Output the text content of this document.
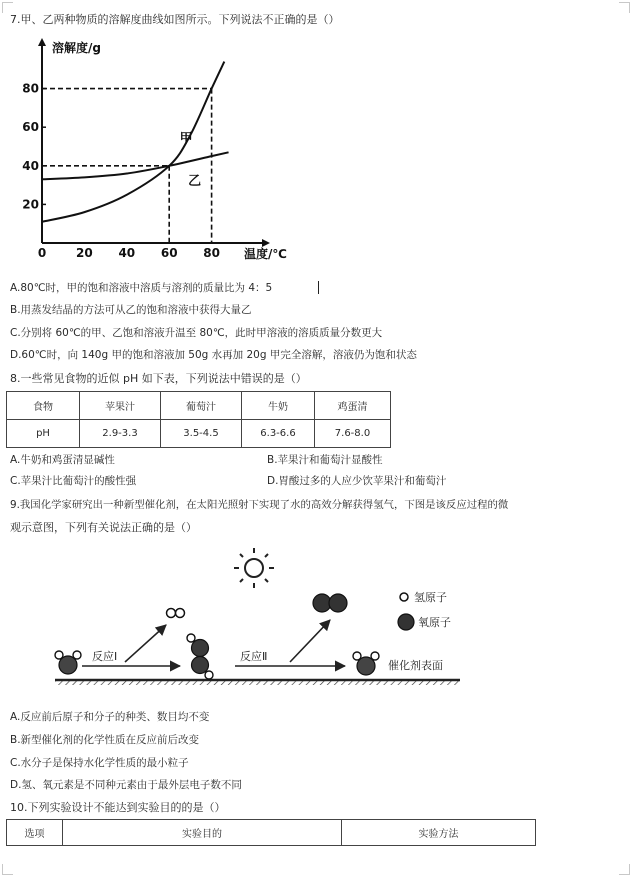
7.甲、乙两种物质的溶解度曲线如图所示。下列说法不正确的是（）
溶解度/g
温度/℃
0 20 40 60 80
20
40
60
80
甲
乙
A.80℃时，甲的饱和溶液中溶质与溶剂的质量比为 4：5
B.用蒸发结晶的方法可从乙的饱和溶液中获得大量乙
C.分别将 60℃的甲、乙饱和溶液升温至 80℃，此时甲溶液的溶质质量分数更大
D.60℃时，向 140g 甲的饱和溶液加 50g 水再加 20g 甲完全溶解，溶液仍为饱和状态
8.一些常见食物的近似 pH 如下表，下列说法中错误的是（）
食物	苹果汁	葡萄汁	牛奶	鸡蛋清
pH	2.9-3.3	3.5-4.5	6.3-6.6	7.6-8.0
A.牛奶和鸡蛋清显碱性	B.苹果汁和葡萄汁显酸性
C.苹果汁比葡萄汁的酸性强	D.胃酸过多的人应少饮苹果汁和葡萄汁
9.我国化学家研究出一种新型催化剂，在太阳光照射下实现了水的高效分解获得氢气，下图是该反应过程的微
观示意图，下列有关说法正确的是（）
反应Ⅰ	反应Ⅱ
氢原子
氧原子
催化剂表面
A.反应前后原子和分子的种类、数目均不变
B.新型催化剂的化学性质在反应前后改变
C.水分子是保持水化学性质的最小粒子
D.氢、氧元素是不同种元素由于最外层电子数不同
10.下列实验设计不能达到实验目的的是（）
选项	实验目的	实验方法
